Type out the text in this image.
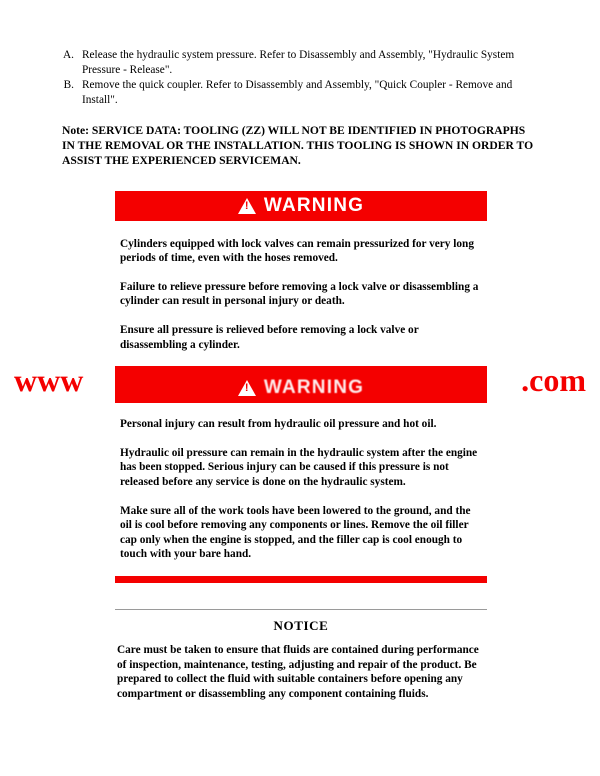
A. Release the hydraulic system pressure. Refer to Disassembly and Assembly, "Hydraulic System Pressure - Release".
B. Remove the quick coupler. Refer to Disassembly and Assembly, "Quick Coupler - Remove and Install".
Note: SERVICE DATA: TOOLING (ZZ) WILL NOT BE IDENTIFIED IN PHOTOGRAPHS IN THE REMOVAL OR THE INSTALLATION. THIS TOOLING IS SHOWN IN ORDER TO ASSIST THE EXPERIENCED SERVICEMAN.
!
WARNING

Cylinders equipped with lock valves can remain pressurized for very long periods of time, even with the hoses removed.

Failure to relieve pressure before removing a lock valve or disassembling a cylinder can result in personal injury or death.

Ensure all pressure is relieved before removing a lock valve or disassembling a cylinder.

!
WARNING

Personal injury can result from hydraulic oil pressure and hot oil.

Hydraulic oil pressure can remain in the hydraulic system after the engine has been stopped. Serious injury can be caused if this pressure is not released before any service is done on the hydraulic system.

Make sure all of the work tools have been lowered to the ground, and the oil is cool before removing any components or lines. Remove the oil filler cap only when the engine is stopped, and the filler cap is cool enough to touch with your bare hand.

NOTICE

Care must be taken to ensure that fluids are contained during performance of inspection, maintenance, testing, adjusting and repair of the product. Be prepared to collect the fluid with suitable containers before opening any compartment or disassembling any component containing fluids.

www	.com
